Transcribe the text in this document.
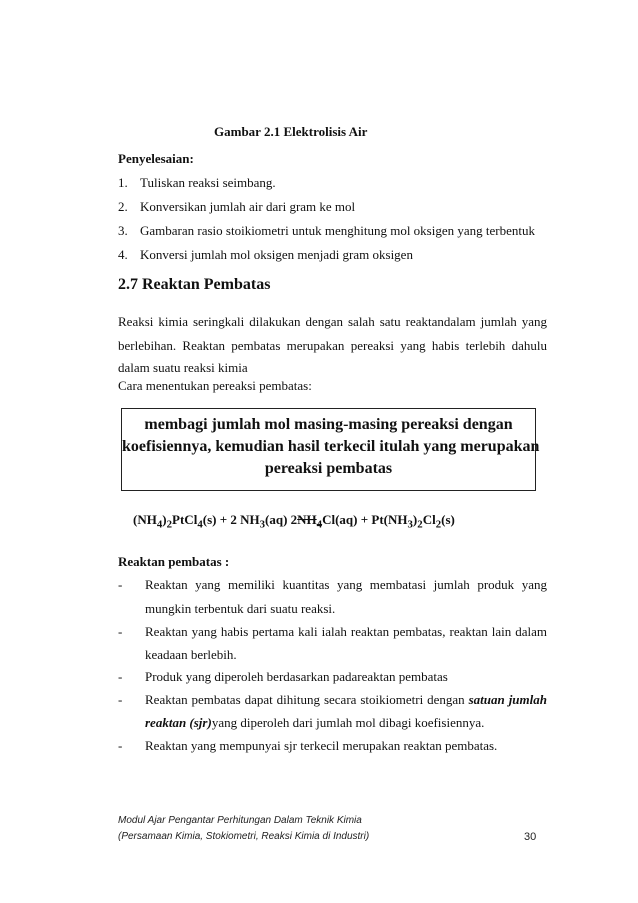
Gambar 2.1 Elektrolisis Air
Penyelesaian:
1. Tuliskan reaksi seimbang.
2. Konversikan jumlah air dari gram ke mol
3. Gambaran rasio stoikiometri untuk menghitung mol oksigen yang terbentuk
4. Konversi jumlah mol oksigen menjadi gram oksigen
2.7 Reaktan Pembatas
Reaksi kimia seringkali dilakukan dengan salah satu reaktandalam jumlah yang
berlebihan. Reaktan pembatas merupakan pereaksi yang habis terlebih dahulu
dalam suatu reaksi kimia
Cara menentukan pereaksi pembatas:
membagi jumlah mol masing-masing pereaksi dengan
koefisiennya, kemudian hasil terkecil itulah yang merupakan
pereaksi pembatas
$(NH_4)_2PtCl_4(s) + 2$ $NH_3(aq) 2NH_4Cl(aq) + Pt(NH_3)_2Cl_2(s)$
Reaktan pembatas :
- Reaktan yang memiliki kuantitas yang membatasi jumlah produk yang
mungkin terbentuk dari suatu reaksi.
- Reaktan yang habis pertama kali ialah reaktan pembatas, reaktan lain dalam
keadaan berlebih.
- Produk yang diperoleh berdasarkan padareaktan pembatas
- Reaktan pembatas dapat dihitung secara stoikiometri dengan satuan jumlah
reaktan (sjr)yang diperoleh dari jumlah mol dibagi koefisiennya.
- Reaktan yang mempunyai sjr terkecil merupakan reaktan pembatas.
Modul Ajar Pengantar Perhitungan Dalam Teknik Kimia
(Persamaan Kimia, Stokiometri, Reaksi Kimia di Industri)	30
